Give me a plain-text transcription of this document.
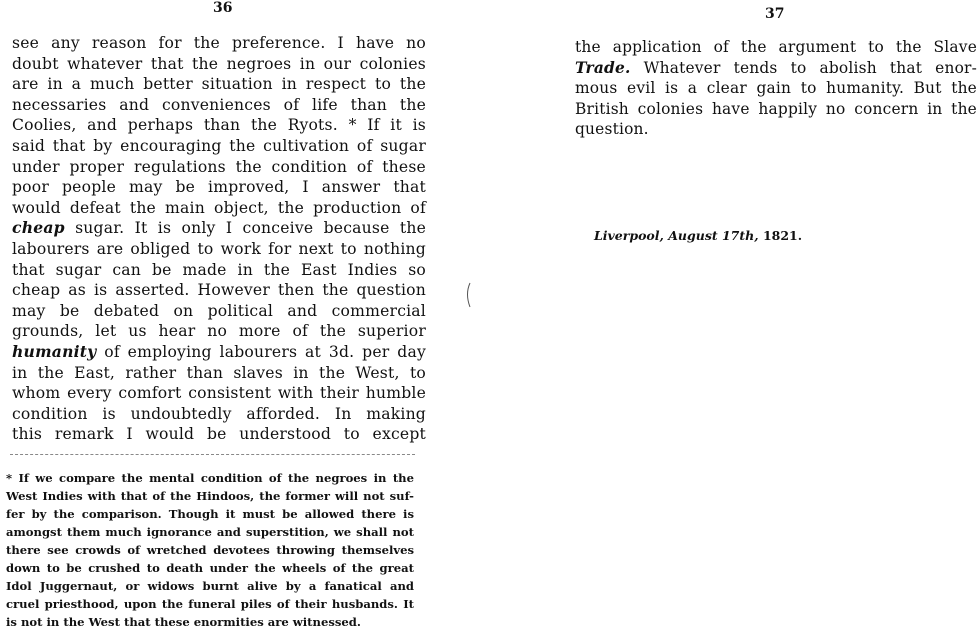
36
see any reason for the preference. I have no
doubt whatever that the negroes in our colonies
are in a much better situation in respect to the
necessaries and conveniences of life than the
Coolies, and perhaps than the Ryots. * If it is
said that by encouraging the cultivation of sugar
under proper regulations the condition of these
poor people may be improved, I answer that
would defeat the main object, the production of
cheap sugar. It is only I conceive because the
labourers are obliged to work for next to nothing
that sugar can be made in the East Indies so
cheap as is asserted. However then the question
may be debated on political and commercial
grounds, let us hear no more of the superior
humanity of employing labourers at 3d. per day
in the East, rather than slaves in the West, to
whom every comfort consistent with their humble
condition is undoubtedly afforded. In making
this remark I would be understood to except
* If we compare the mental condition of the negroes in the
West Indies with that of the Hindoos, the former will not suf-
fer by the comparison. Though it must be allowed there is
amongst them much ignorance and superstition, we shall not
there see crowds of wretched devotees throwing themselves
down to be crushed to death under the wheels of the great
Idol Juggernaut, or widows burnt alive by a fanatical and
cruel priesthood, upon the funeral piles of their husbands. It
is not in the West that these enormities are witnessed.
37
the application of the argument to the Slave
Trade. Whatever tends to abolish that enor-
mous evil is a clear gain to humanity. But the
British colonies have happily no concern in the
question.
Liverpool, August 17th, 1821.
